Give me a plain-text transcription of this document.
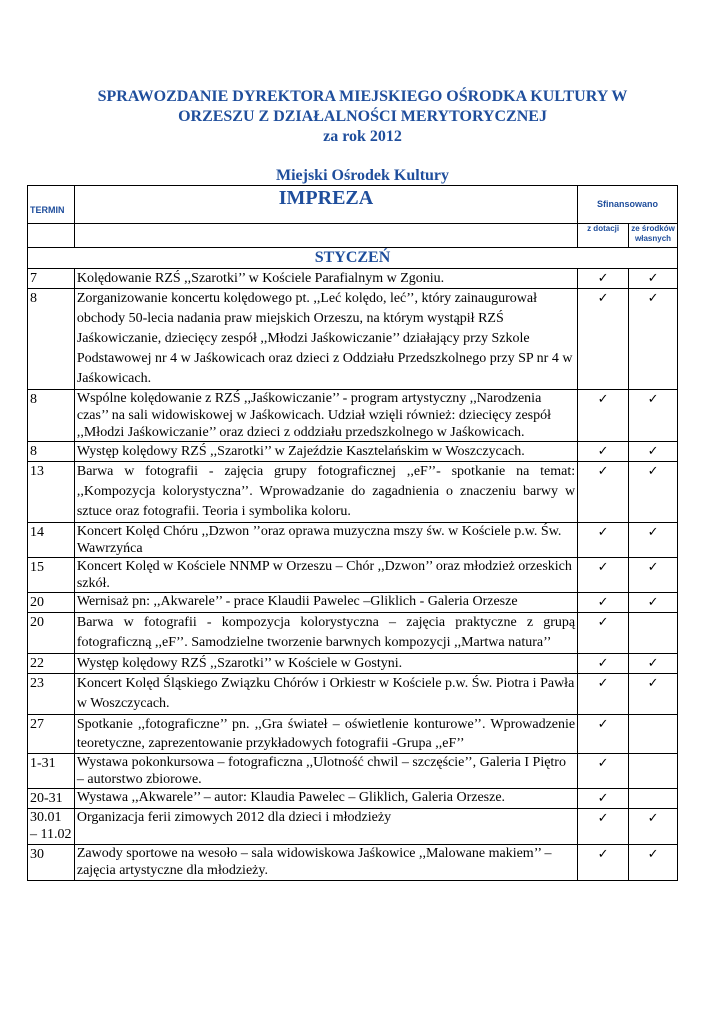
SPRAWOZDANIE DYREKTORA MIEJSKIEGO OŚRODKA KULTURY W
ORZESZU Z DZIAŁALNOŚCI MERYTORYCZNEJ
za rok 2012
Miejski Ośrodek Kultury
TERMIN	IMPREZA	Sfinansowano	
		z dotacji	ze środków własnych
STYCZEŃ			
7	Kolędowanie RZŚ ,,Szarotki’’ w Kościele Parafialnym w Zgoniu.	✓	✓
8	Zorganizowanie koncertu kolędowego pt. ,,Leć kolędo, leć’’, który zainaugurował obchody 50-lecia nadania praw miejskich Orzeszu, na którym wystąpił RZŚ Jaśkowiczanie, dziecięcy zespół ,,Młodzi Jaśkowiczanie’’ działający przy Szkole Podstawowej nr 4 w Jaśkowicach oraz dzieci z Oddziału Przedszkolnego przy SP nr 4 w Jaśkowicach.	✓	✓
8	Wspólne kolędowanie z RZŚ ,,Jaśkowiczanie’’ - program artystyczny ,,Narodzenia czas’’ na sali widowiskowej w Jaśkowicach. Udział wzięli również: dziecięcy zespół ,,Młodzi Jaśkowiczanie’’ oraz dzieci z oddziału przedszkolnego w Jaśkowicach.	✓	✓
8	Występ kolędowy RZŚ ,,Szarotki’’ w Zajeździe Kasztelańskim w Woszczycach.	✓	✓
13	Barwa w fotografii - zajęcia grupy fotograficznej ,,eF’’- spotkanie na temat: ,,Kompozycja kolorystyczna’’. Wprowadzanie do zagadnienia o znaczeniu barwy w sztuce oraz fotografii. Teoria i symbolika koloru.	✓	✓
14	Koncert Kolęd Chóru ,,Dzwon ’’oraz oprawa muzyczna mszy św. w Kościele p.w. Św. Wawrzyńca	✓	✓
15	Koncert Kolęd w Kościele NNMP w Orzeszu – Chór ,,Dzwon’’ oraz młodzież orzeskich szkół.	✓	✓
20	Wernisaż pn: ,,Akwarele’’ - prace Klaudii Pawelec –Gliklich - Galeria Orzesze	✓	✓
20	Barwa w fotografii - kompozycja kolorystyczna – zajęcia praktyczne z grupą fotograficzną ,,eF’’. Samodzielne tworzenie barwnych kompozycji ,,Martwa natura’’	✓	
22	Występ kolędowy RZŚ ,,Szarotki’’ w Kościele w Gostyni.	✓	✓
23	Koncert Kolęd Śląskiego Związku Chórów i Orkiestr w Kościele p.w. Św. Piotra i Pawła w Woszczycach.	✓	✓
27	Spotkanie ,,fotograficzne’’ pn. ,,Gra świateł – oświetlenie konturowe’’. Wprowadzenie teoretyczne, zaprezentowanie przykładowych fotografii -Grupa ,,eF’’	✓	
1-31	Wystawa pokonkursowa – fotograficzna ,,Ulotność chwil – szczęście’’, Galeria I Piętro – autorstwo zbiorowe.	✓	
20-31	Wystawa ,,Akwarele’’ – autor: Klaudia Pawelec – Gliklich, Galeria Orzesze.	✓	
30.01 – 11.02	Organizacja ferii zimowych 2012 dla dzieci i młodzieży	✓	✓
30	Zawody sportowe na wesoło – sala widowiskowa Jaśkowice ,,Malowane makiem’’ – zajęcia artystyczne dla młodzieży.	✓	✓
